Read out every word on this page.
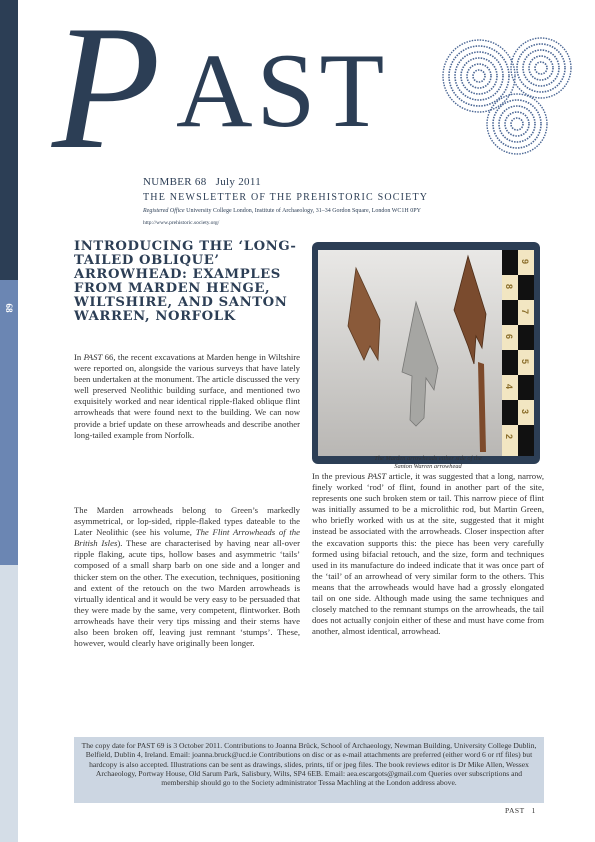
68
P AST
NUMBER 68   July 2011
THE NEWSLETTER OF THE PREHISTORIC SOCIETY
Registered Office University College London, Institute of Archaeology, 31–34 Gordon Square, London WC1H 0PY
http://www.prehistoric.society.org/
INTRODUCING THE ‘LONG-TAILED OBLIQUE’ ARROWHEAD: EXAMPLES FROM MARDEN HENGE, WILTSHIRE, AND SANTON WARREN, NORFOLK

In PAST 66, the recent excavations at Marden henge in Wiltshire were reported on, alongside the various surveys that have lately been undertaken at the monument. The article discussed the very well preserved Neolithic building surface, and mentioned two exquisitely worked and near identical ripple-flaked oblique flint arrowheads that were found next to the building. We can now provide a brief update on these arrowheads and describe another long-tailed example from Norfolk.

The Marden arrowheads belong to Green’s markedly asymmetrical, or lop-sided, ripple-flaked types dateable to the Later Neolithic (see his volume, The Flint Arrowheads of the British Isles). These are characterised by having near all-over ripple flaking, acute tips, hollow bases and asymmetric ‘tails’ composed of a small sharp barb on one side and a longer and thicker stem on the other. The execution, techniques, positioning and extent of the retouch on the two Marden arrowheads is virtually identical and it would be very easy to be persuaded that they were made by the same, very competent, flintworker. Both arrowheads have their very tips missing and their stems have also been broken off, leaving just remnant ‘stumps’. These, however, would clearly have originally been longer.

9
8
7
6
5
4
3
2
The Marden arrowheads either side of the
Santon Warren arrowhead

In the previous PAST article, it was suggested that a long, narrow, finely worked ‘rod’ of flint, found in another part of the site, represents one such broken stem or tail. This narrow piece of flint was initially assumed to be a microlithic rod, but Martin Green, who briefly worked with us at the site, suggested that it might instead be associated with the arrowheads. Closer inspection after the excavation supports this: the piece has been very carefully formed using bifacial retouch, and the size, form and techniques used in its manufacture do indeed indicate that it was once part of the ‘tail’ of an arrowhead of very similar form to the others. This means that the arrowheads would have had a grossly elongated tail on one side. Although made using the same techniques and closely matched to the remnant stumps on the arrowheads, the tail does not actually conjoin either of these and must have come from another, almost identical, arrowhead.

The copy date for PAST 69 is 3 October 2011. Contributions to Joanna Brück, School of Archaeology, Newman Building, University College Dublin, Belfield, Dublin 4, Ireland. Email: joanna.bruck@ucd.ie Contributions on disc or as e-mail attachments are preferred (either word 6 or rtf files) but hardcopy is also accepted. Illustrations can be sent as drawings, slides, prints, tif or jpeg files. The book reviews editor is Dr Mike Allen, Wessex Archaeology, Portway House, Old Sarum Park, Salisbury, Wilts, SP4 6EB. Email: aea.escargots@gmail.com Queries over subscriptions and membership should go to the Society administrator Tessa Machling at the London address above.
PAST   1
